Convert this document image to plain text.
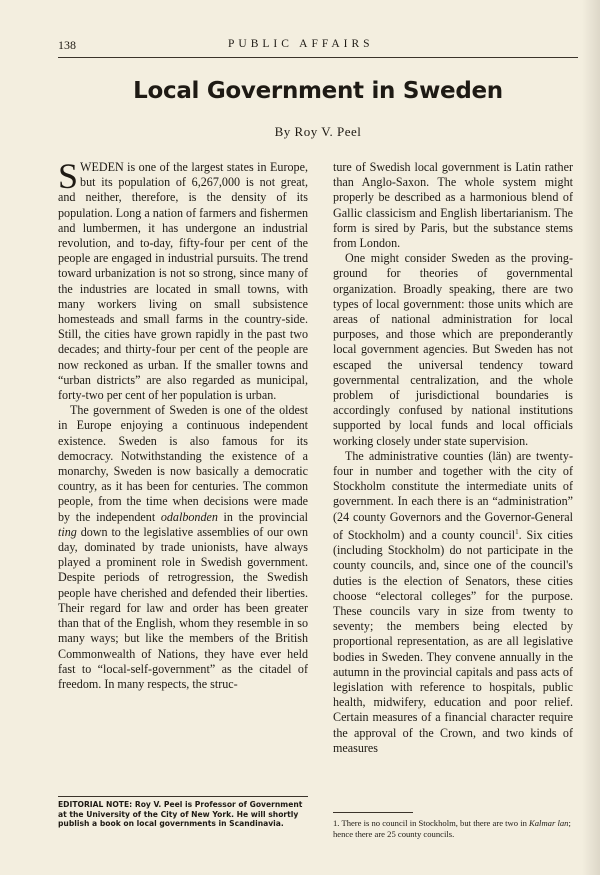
138	PUBLIC AFFAIRS
Local Government in Sweden
By Roy V. Peel

SWEDEN is one of the largest states in Europe, but its population of 6,267,000 is not great, and neither, therefore, is the density of its population. Long a nation of farmers and fishermen and lumbermen, it has undergone an industrial revolution, and to-day, fifty-four per cent of the people are engaged in industrial pursuits. The trend toward urbanization is not so strong, since many of the industries are located in small towns, with many workers living on small subsistence homesteads and small farms in the country-side. Still, the cities have grown rapidly in the past two decades; and thirty-four per cent of the people are now reckoned as urban. If the smaller towns and “urban districts” are also regarded as municipal, forty-two per cent of her population is urban.

The government of Sweden is one of the oldest in Europe enjoying a continuous independent existence. Sweden is also famous for its democracy. Notwithstanding the existence of a monarchy, Sweden is now basically a democratic country, as it has been for centuries. The common people, from the time when decisions were made by the independent odalbonden in the provincial ting down to the legislative assemblies of our own day, dominated by trade unionists, have always played a prominent role in Swedish government. Despite periods of retrogression, the Swedish people have cherished and defended their liberties. Their regard for law and order has been greater than that of the English, whom they resemble in so many ways; but like the members of the British Commonwealth of Nations, they have ever held fast to “local-self-government” as the citadel of freedom. In many respects, the struc-

ture of Swedish local government is Latin rather than Anglo-Saxon. The whole system might properly be described as a harmonious blend of Gallic classicism and English libertarianism. The form is sired by Paris, but the substance stems from London.

One might consider Sweden as the proving-ground for theories of governmental organization. Broadly speaking, there are two types of local government: those units which are areas of national administration for local purposes, and those which are preponderantly local government agencies. But Sweden has not escaped the universal tendency toward governmental centralization, and the whole problem of jurisdictional boundaries is accordingly confused by national institutions supported by local funds and local officials working closely under state supervision.

The administrative counties (län) are twenty-four in number and together with the city of Stockholm constitute the intermediate units of government. In each there is an “administration” (24 county Governors and the Governor-General of Stockholm) and a county council$^1$. Six cities (including Stockholm) do not participate in the county councils, and, since one of the council's duties is the election of Senators, these cities choose “electoral colleges” for the purpose. These councils vary in size from twenty to seventy; the members being elected by proportional representation, as are all legislative bodies in Sweden. They convene annually in the autumn in the provincial capitals and pass acts of legislation with reference to hospitals, public health, midwifery, education and poor relief. Certain measures of a financial character require the approval of the Crown, and two kinds of measures

EDITORIAL NOTE: Roy V. Peel is Professor of Government at the University of the City of New York. He will shortly publish a book on local governments in Scandinavia.	1. There is no council in Stockholm, but there are two in Kalmar lan; hence there are 25 county councils.
